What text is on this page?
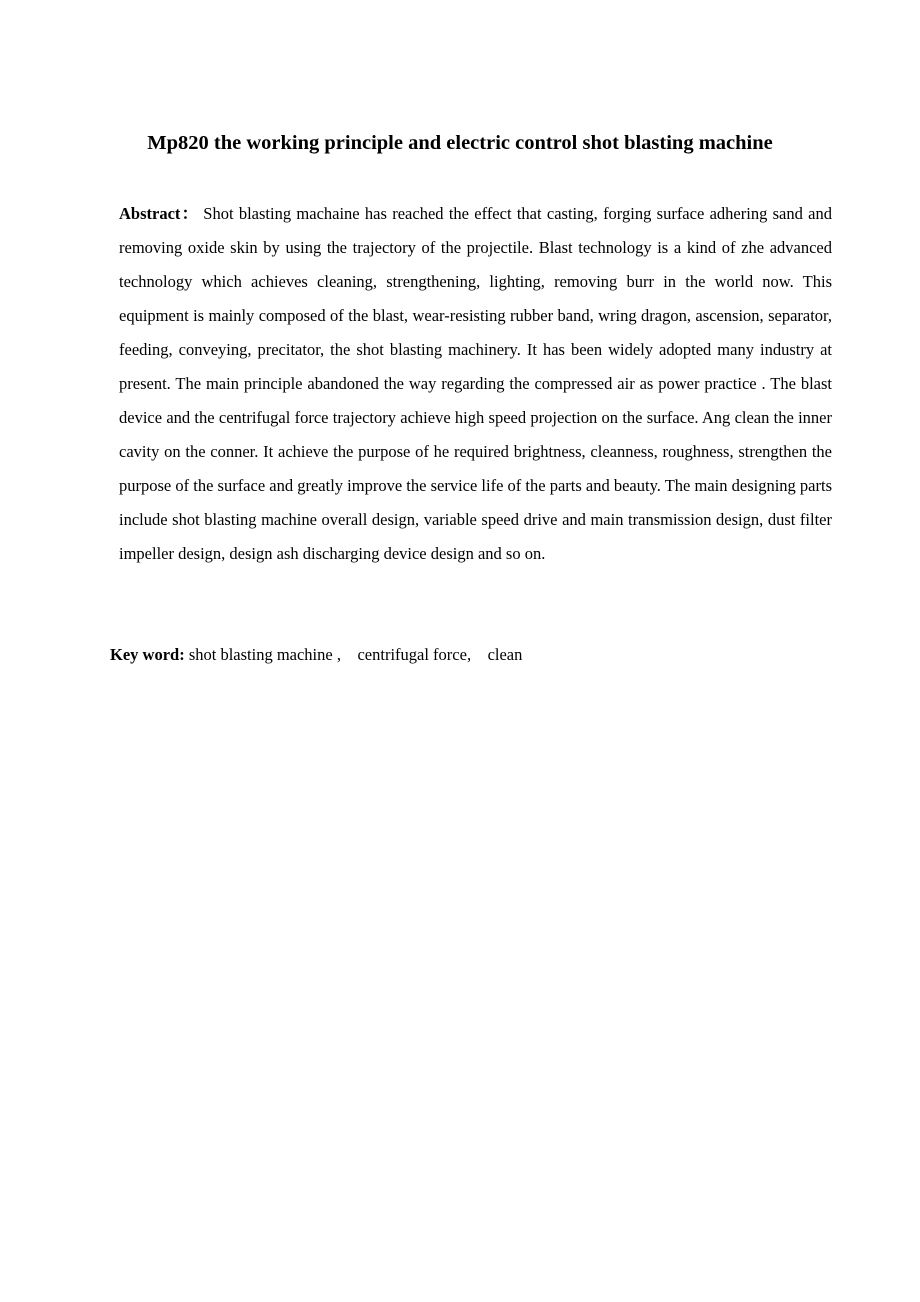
Mp820 the working principle and electric control shot blasting machine

Abstract： Shot blasting machaine has reached the effect that casting, forging surface adhering sand and removing oxide skin by using the trajectory of the projectile. Blast technology is a kind of zhe advanced technology which achieves cleaning, strengthening, lighting, removing burr in the world now. This equipment is mainly composed of the blast, wear-resisting rubber band, wring dragon, ascension, separator, feeding, conveying, precitator, the shot blasting machinery. It has been widely adopted many industry at present. The main principle abandoned the way regarding the compressed air as power practice . The blast device and the centrifugal force trajectory achieve high speed projection on the surface. Ang clean the inner cavity on the conner. It achieve the purpose of he required brightness, cleanness, roughness, strengthen the purpose of the surface and greatly improve the service life of the parts and beauty. The main designing parts include shot blasting machine overall design, variable speed drive and main transmission design, dust filter impeller design, design ash discharging device design and so on.

Key word: shot blasting machine ,    centrifugal force,    clean
